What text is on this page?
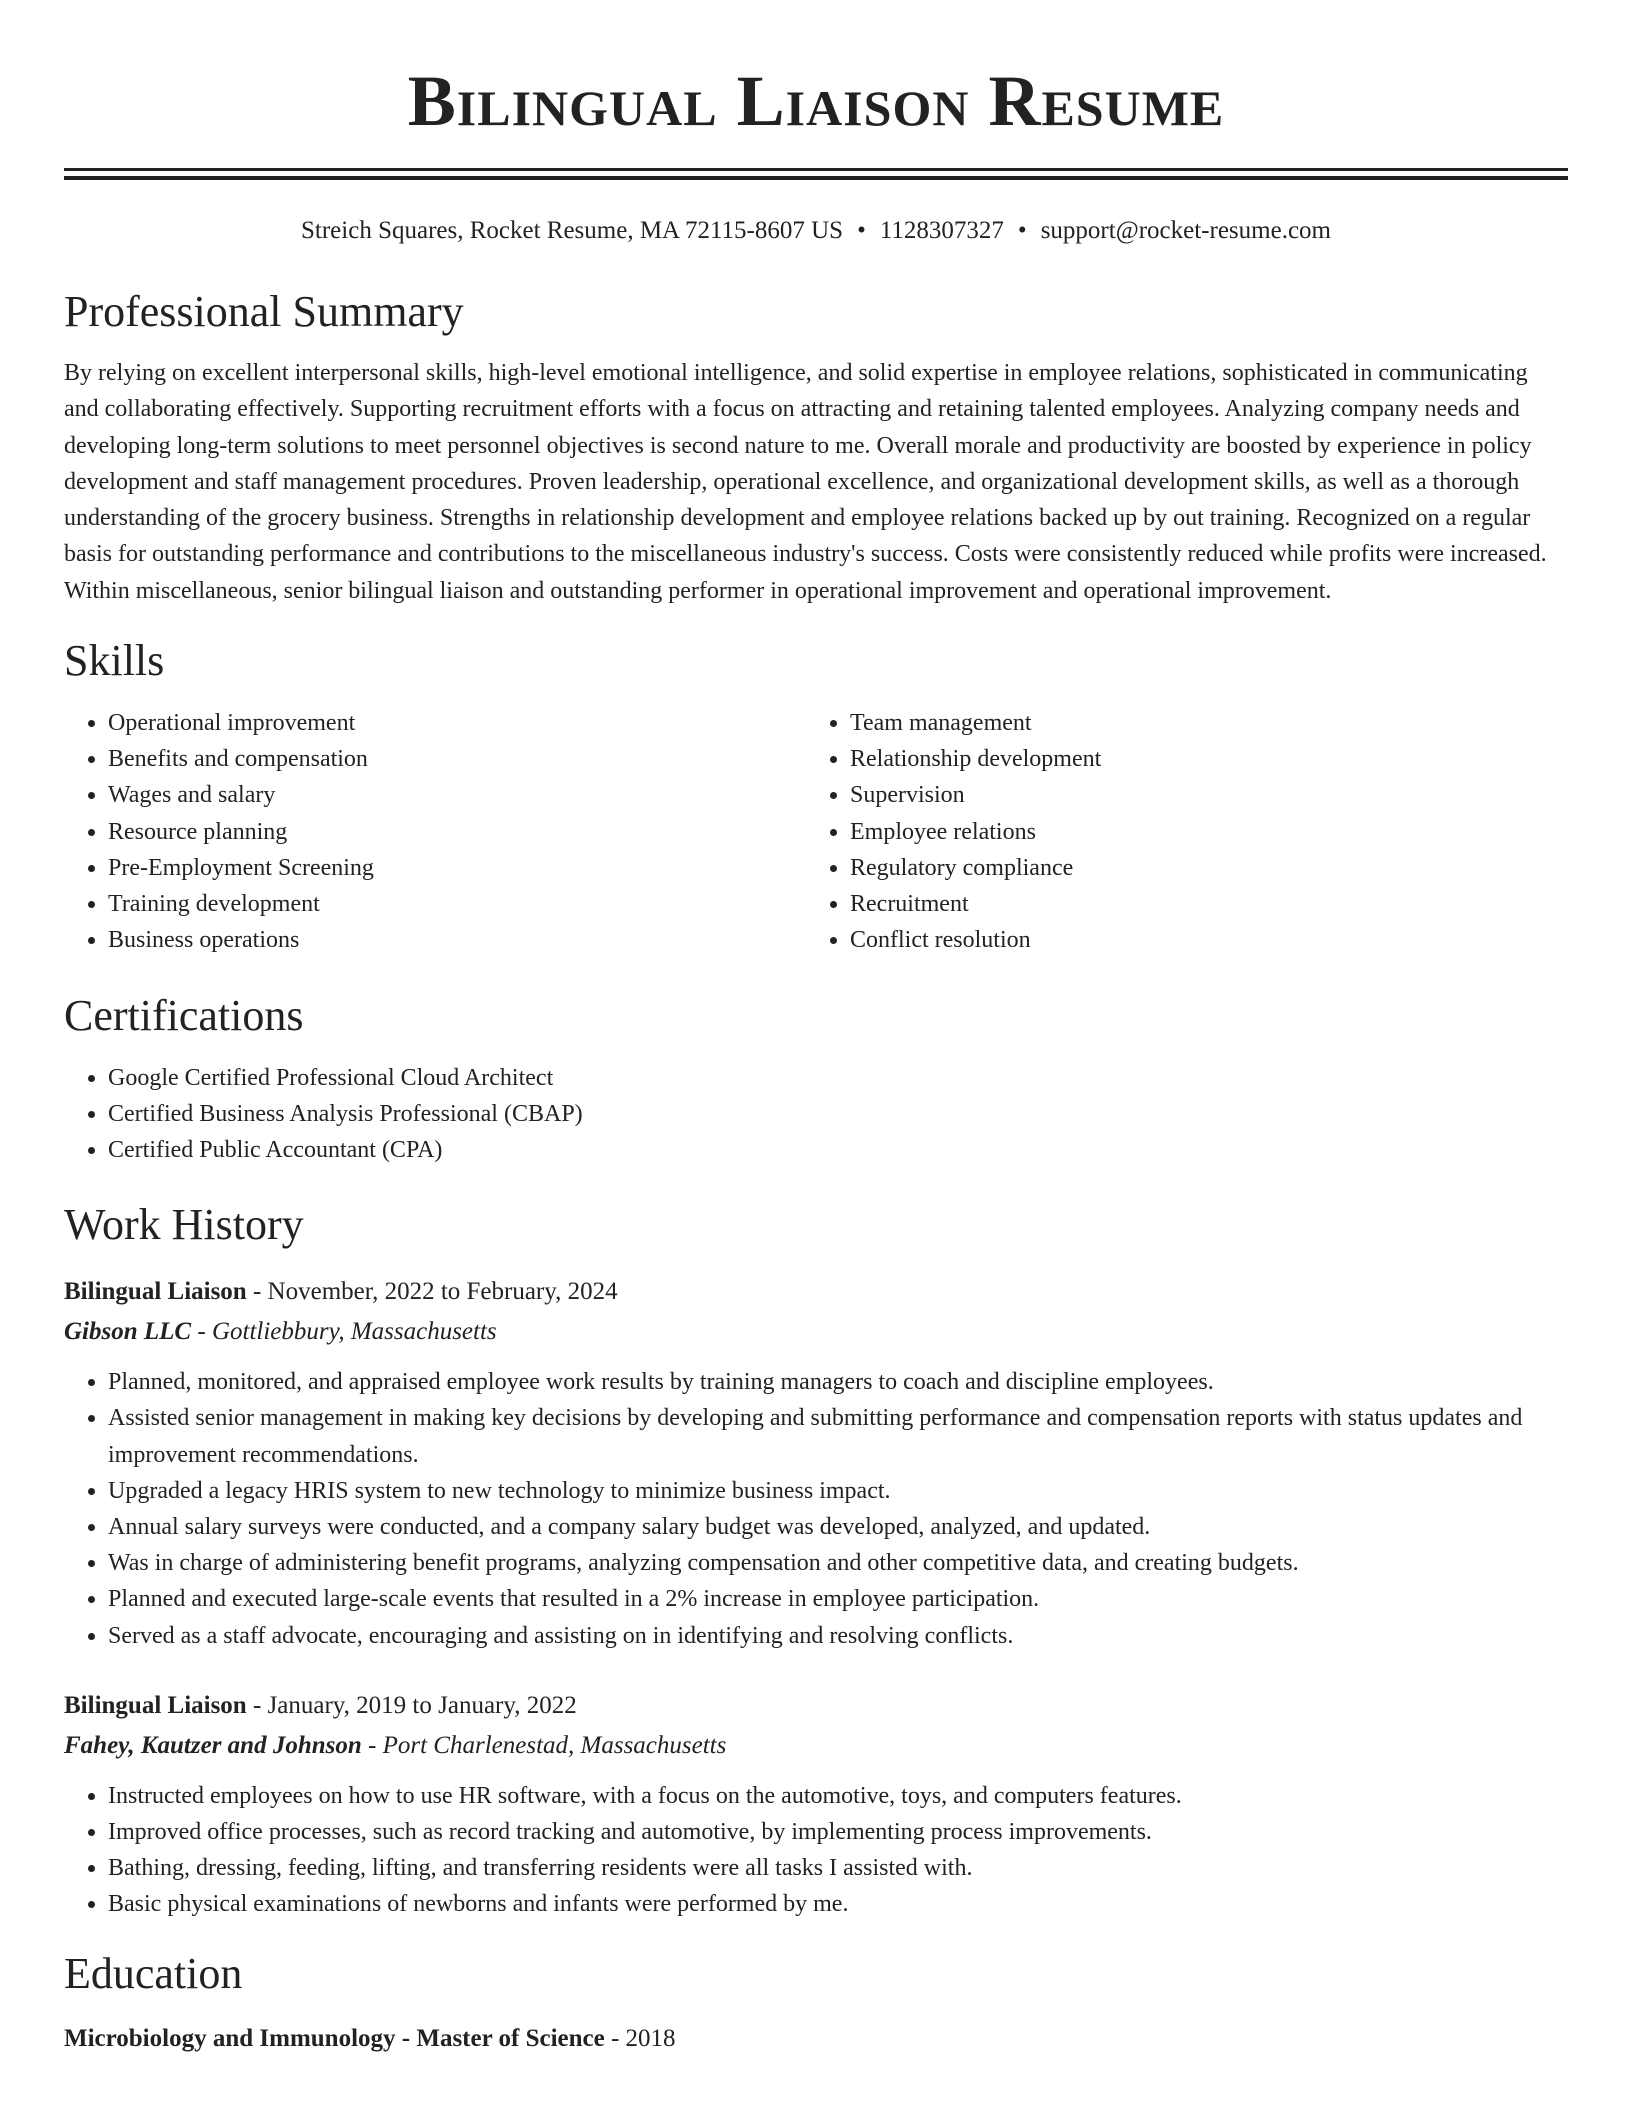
Bilingual Liaison Resume
Streich Squares, Rocket Resume, MA 72115-8607 US • 1128307327 • support@rocket-resume.com
Professional Summary
By relying on excellent interpersonal skills, high-level emotional intelligence, and solid expertise in employee relations, sophisticated in communicating and collaborating effectively. Supporting recruitment efforts with a focus on attracting and retaining talented employees. Analyzing company needs and developing long-term solutions to meet personnel objectives is second nature to me. Overall morale and productivity are boosted by experience in policy development and staff management procedures. Proven leadership, operational excellence, and organizational development skills, as well as a thorough understanding of the grocery business. Strengths in relationship development and employee relations backed up by out training. Recognized on a regular basis for outstanding performance and contributions to the miscellaneous industry's success. Costs were consistently reduced while profits were increased. Within miscellaneous, senior bilingual liaison and outstanding performer in operational improvement and operational improvement.
Skills
• Operational improvement
• Benefits and compensation
• Wages and salary
• Resource planning
• Pre-Employment Screening
• Training development
• Business operations
• Team management
• Relationship development
• Supervision
• Employee relations
• Regulatory compliance
• Recruitment
• Conflict resolution
Certifications
• Google Certified Professional Cloud Architect
• Certified Business Analysis Professional (CBAP)
• Certified Public Accountant (CPA)
Work History
Bilingual Liaison - November, 2022 to February, 2024
Gibson LLC - Gottliebbury, Massachusetts
• Planned, monitored, and appraised employee work results by training managers to coach and discipline employees.
• Assisted senior management in making key decisions by developing and submitting performance and compensation reports with status updates and improvement recommendations.
• Upgraded a legacy HRIS system to new technology to minimize business impact.
• Annual salary surveys were conducted, and a company salary budget was developed, analyzed, and updated.
• Was in charge of administering benefit programs, analyzing compensation and other competitive data, and creating budgets.
• Planned and executed large-scale events that resulted in a 2% increase in employee participation.
• Served as a staff advocate, encouraging and assisting on in identifying and resolving conflicts.
Bilingual Liaison - January, 2019 to January, 2022
Fahey, Kautzer and Johnson - Port Charlenestad, Massachusetts
• Instructed employees on how to use HR software, with a focus on the automotive, toys, and computers features.
• Improved office processes, such as record tracking and automotive, by implementing process improvements.
• Bathing, dressing, feeding, lifting, and transferring residents were all tasks I assisted with.
• Basic physical examinations of newborns and infants were performed by me.
Education
Microbiology and Immunology - Master of Science - 2018
